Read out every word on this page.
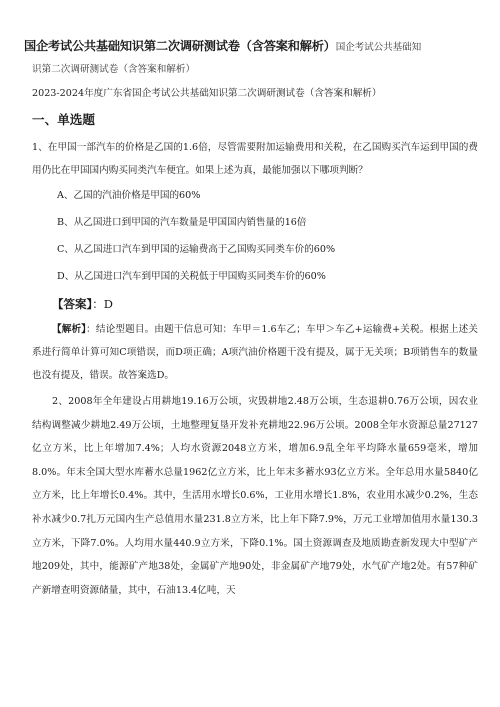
国企考试公共基础知识第二次调研测试卷（含答案和解析）国企考试公共基础知
识第二次调研测试卷（含答案和解析）
2023-2024年度广东省国企考试公共基础知识第二次调研测试卷（含答案和解析）
一、单选题

1、在甲国一部汽车的价格是乙国的1.6倍，尽管需要附加运输费用和关税，在乙国购买汽车运到甲国的费用仍比在甲国国内购买同类汽车便宜。如果上述为真，最能加强以下哪项判断？

A、乙国的汽油价格是甲国的60%
B、从乙国进口到甲国的汽车数量是甲国国内销售量的16倍
C、从乙国进口汽车到甲国的运输费高于乙国购买同类车价的60%
D、从乙国进口汽车到甲国的关税低于甲国购买同类车价的60%
【答案】：D
【解析】：结论型题目。由题干信息可知：车甲＝1.6车乙；车甲＞车乙+运输费+关税。根据上述关系进行简单计算可知C项错误，而D项正确；A项汽油价格题干没有提及，属于无关项；B项销售车的数量也没有提及，错误。故答案选D。
2、2008年全年建设占用耕地19.16万公顷，灾毁耕地2.48万公顷，生态退耕0.76万公顷，因农业结构调整减少耕地2.49万公顷，土地整理复垦开发补充耕地22.96万公顷。2008全年水资源总量27127亿立方米，比上年增加7.4%；人均水资源2048立方米，增加6.9乱全年平均降水量659毫米，增加8.0%。年末全国大型水库蓄水总量1962亿立方米，比上年末多蓄水93亿立方米。全年总用水量5840亿立方米，比上年增长0.4%。其中，生活用水增长0.6%，工业用水增长1.8%，农业用水减少0.2%，生态补水减少0.7扎万元国内生产总值用水量231.8立方米，比上年下降7.9%，万元工业增加值用水量130.3立方米，下降7.0%。人均用水量440.9立方米，下降0.1%。国土资源调查及地质勘查新发现大中型矿产地209处，其中，能源矿产地38处，金属矿产地90处，非金属矿产地79处，水气矿产地2处。有57种矿产新增查明资源储量，其中，石油13.4亿吨，天
